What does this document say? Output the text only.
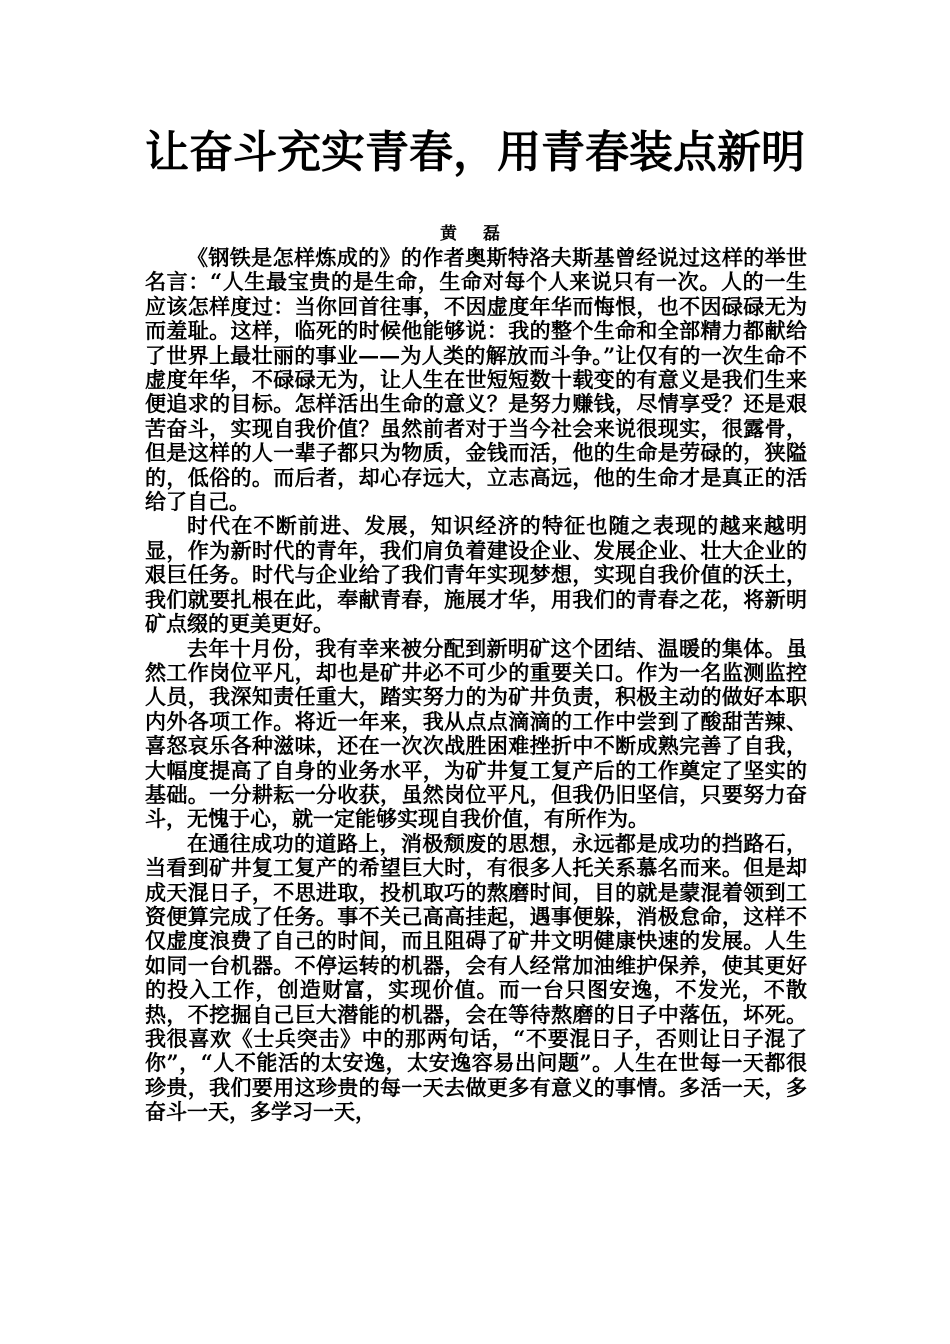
让奋斗充实青春，用青春装点新明
黄 磊

《钢铁是怎样炼成的》的作者奥斯特洛夫斯基曾经说过这样的举世名言：“人生最宝贵的是生命，生命对每个人来说只有一次。人的一生应该怎样度过：当你回首往事，不因虚度年华而悔恨，也不因碌碌无为而羞耻。这样，临死的时候他能够说：我的整个生命和全部精力都献给了世界上最壮丽的事业——为人类的解放而斗争。”让仅有的一次生命不虚度年华，不碌碌无为，让人生在世短短数十载变的有意义是我们生来便追求的目标。怎样活出生命的意义？是努力赚钱，尽情享受？还是艰苦奋斗，实现自我价值？虽然前者对于当今社会来说很现实，很露骨，但是这样的人一辈子都只为物质，金钱而活，他的生命是劳碌的，狭隘的，低俗的。而后者，却心存远大，立志高远，他的生命才是真正的活给了自己。

时代在不断前进、发展，知识经济的特征也随之表现的越来越明显，作为新时代的青年，我们肩负着建设企业、发展企业、壮大企业的艰巨任务。时代与企业给了我们青年实现梦想，实现自我价值的沃土，我们就要扎根在此，奉献青春，施展才华，用我们的青春之花，将新明矿点缀的更美更好。

去年十月份，我有幸来被分配到新明矿这个团结、温暖的集体。虽然工作岗位平凡，却也是矿井必不可少的重要关口。作为一名监测监控人员，我深知责任重大，踏实努力的为矿井负责，积极主动的做好本职内外各项工作。将近一年来，我从点点滴滴的工作中尝到了酸甜苦辣、喜怒哀乐各种滋味，还在一次次战胜困难挫折中不断成熟完善了自我，大幅度提高了自身的业务水平，为矿井复工复产后的工作奠定了坚实的基础。一分耕耘一分收获，虽然岗位平凡，但我仍旧坚信，只要努力奋斗，无愧于心，就一定能够实现自我价值，有所作为。

在通往成功的道路上，消极颓废的思想，永远都是成功的挡路石，当看到矿井复工复产的希望巨大时，有很多人托关系慕名而来。但是却成天混日子，不思进取，投机取巧的熬磨时间，目的就是蒙混着领到工资便算完成了任务。事不关己高高挂起，遇事便躲，消极怠命，这样不仅虚度浪费了自己的时间，而且阻碍了矿井文明健康快速的发展。人生如同一台机器。不停运转的机器，会有人经常加油维护保养，使其更好的投入工作，创造财富，实现价值。而一台只图安逸，不发光，不散热，不挖掘自己巨大潜能的机器，会在等待熬磨的日子中落伍，坏死。我很喜欢《士兵突击》中的那两句话，“不要混日子，否则让日子混了你”，“人不能活的太安逸，太安逸容易出问题”。人生在世每一天都很珍贵，我们要用这珍贵的每一天去做更多有意义的事情。多活一天，多奋斗一天，多学习一天，
